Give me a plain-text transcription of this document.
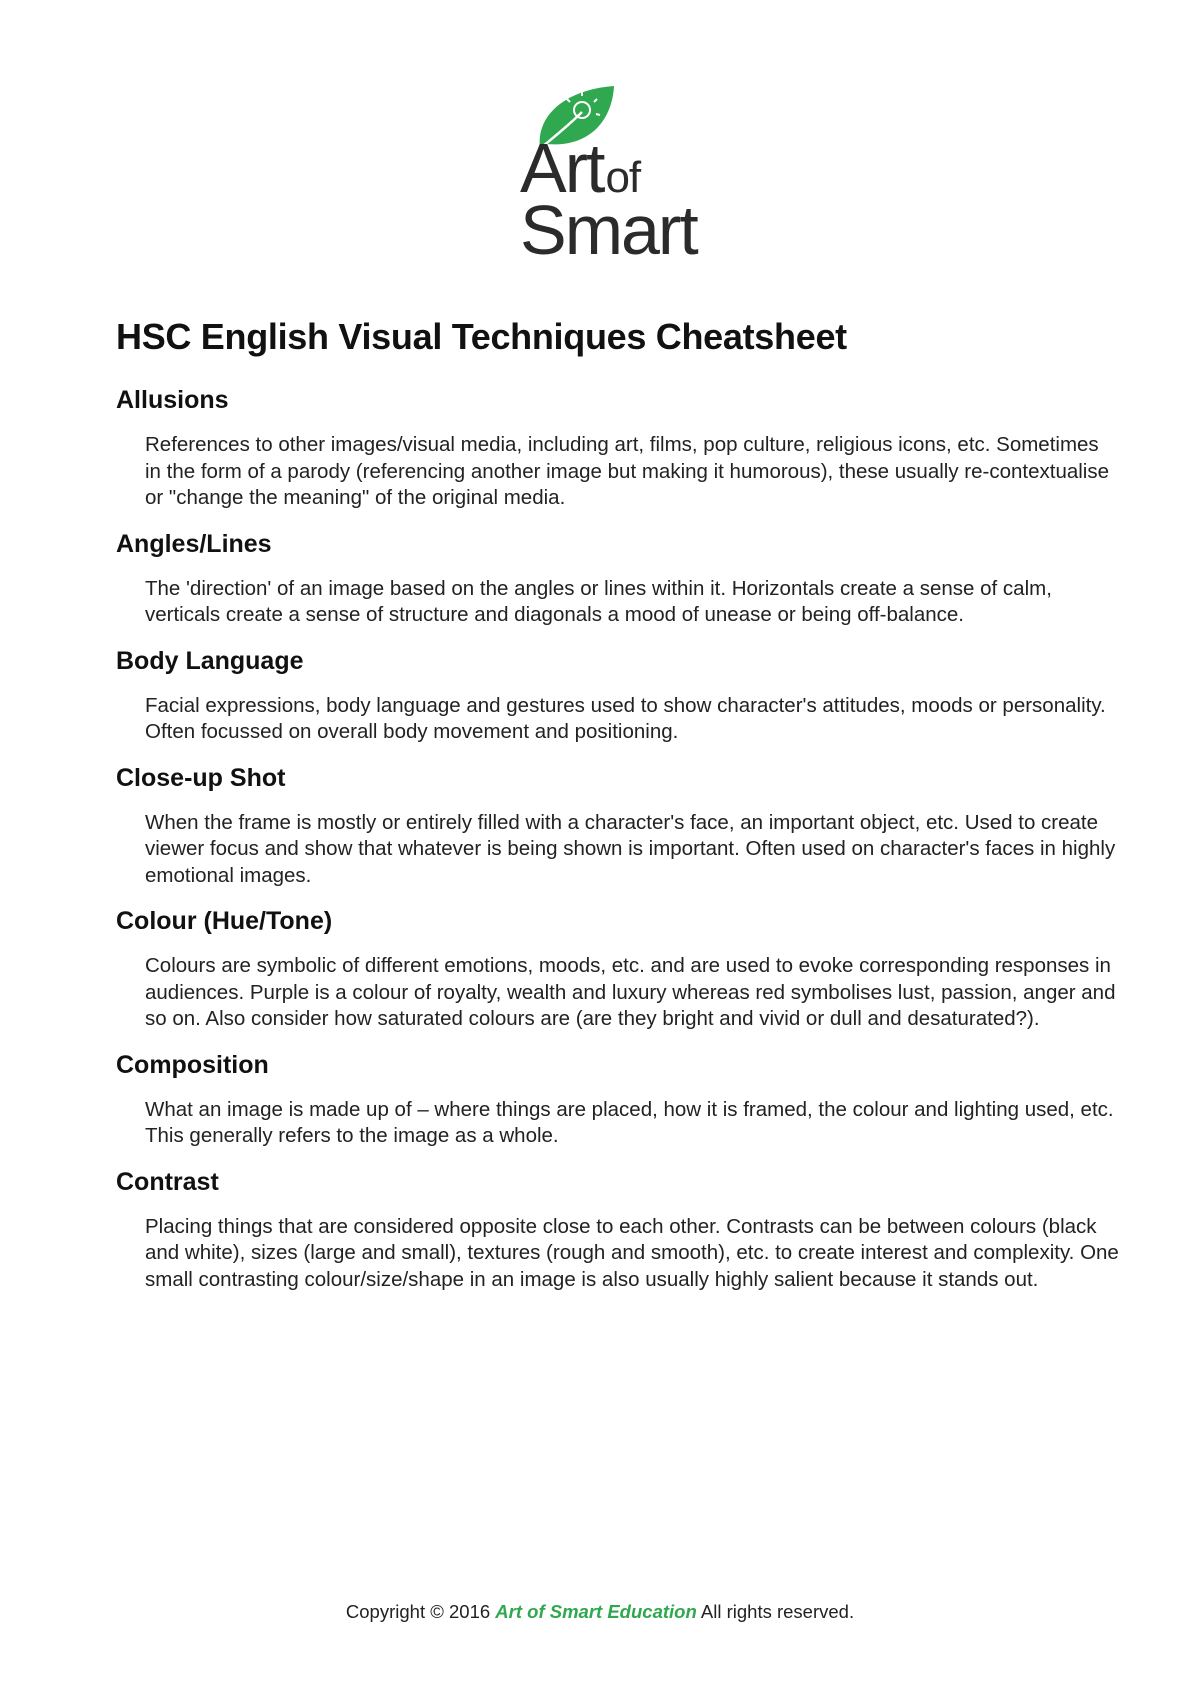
Artof
Smart
HSC English Visual Techniques Cheatsheet
Allusions
References to other images/visual media, including art, films, pop culture, religious icons, etc. Sometimes in the form of a parody (referencing another image but making it humorous), these usually re-contextualise or "change the meaning" of the original media.
Angles/Lines
The 'direction' of an image based on the angles or lines within it. Horizontals create a sense of calm, verticals create a sense of structure and diagonals a mood of unease or being off-balance.
Body Language
Facial expressions, body language and gestures used to show character's attitudes, moods or personality. Often focussed on overall body movement and positioning.
Close-up Shot
When the frame is mostly or entirely filled with a character's face, an important object, etc. Used to create viewer focus and show that whatever is being shown is important. Often used on character's faces in highly emotional images.
Colour (Hue/Tone)
Colours are symbolic of different emotions, moods, etc. and are used to evoke corresponding responses in audiences. Purple is a colour of royalty, wealth and luxury whereas red symbolises lust, passion, anger and so on. Also consider how saturated colours are (are they bright and vivid or dull and desaturated?).
Composition
What an image is made up of – where things are placed, how it is framed, the colour and lighting used, etc. This generally refers to the image as a whole.
Contrast
Placing things that are considered opposite close to each other. Contrasts can be between colours (black and white), sizes (large and small), textures (rough and smooth), etc. to create interest and complexity. One small contrasting colour/size/shape in an image is also usually highly salient because it stands out.
Copyright © 2016 Art of Smart Education All rights reserved.
